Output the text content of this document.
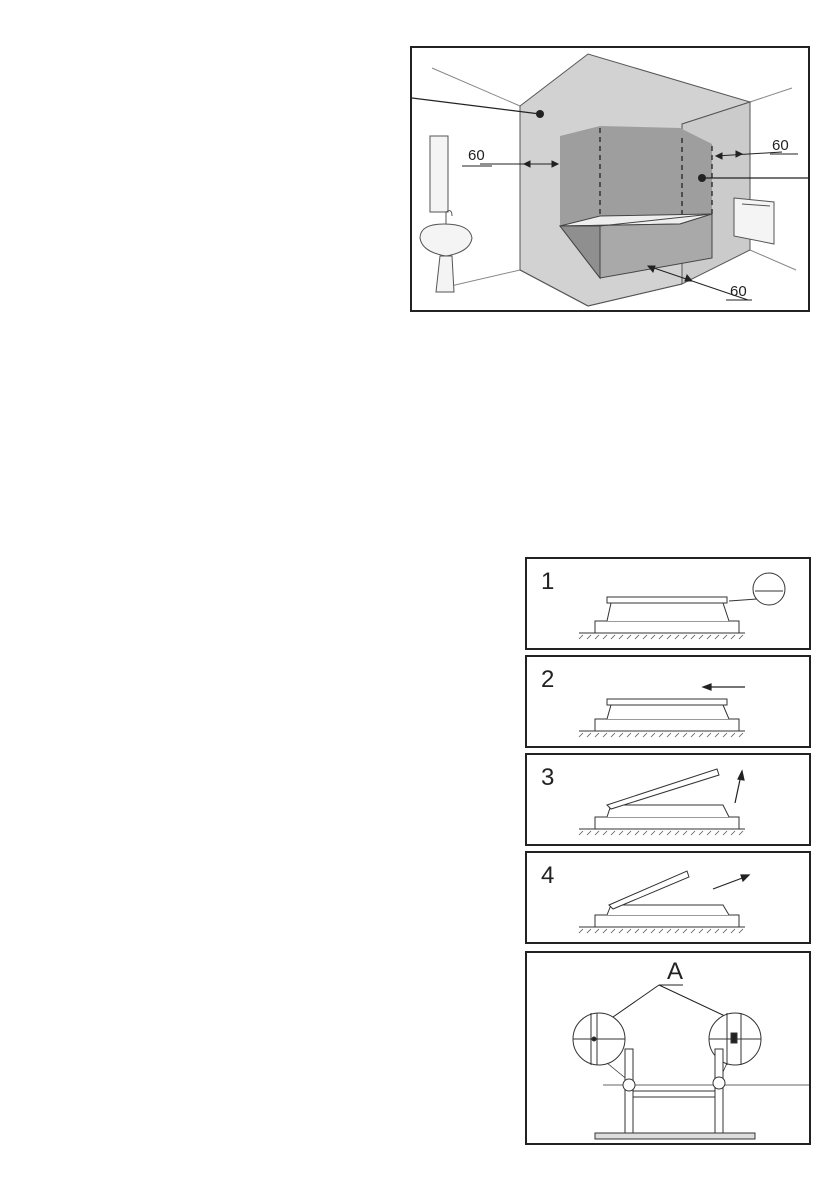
60
60
60
1
2
3
4
A
